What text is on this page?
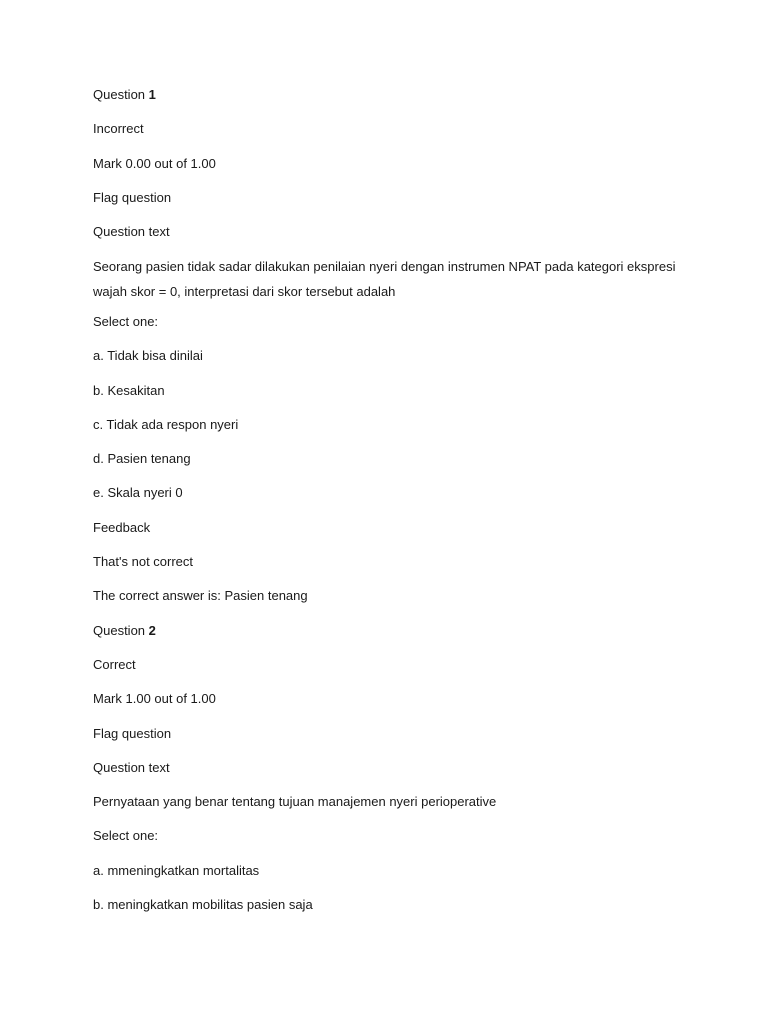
Question 1
Incorrect
Mark 0.00 out of 1.00
Flag question
Question text
Seorang pasien tidak sadar dilakukan penilaian nyeri dengan instrumen NPAT pada kategori ekspresi wajah skor = 0, interpretasi dari skor tersebut adalah
Select one:
a. Tidak bisa dinilai
b. Kesakitan
c. Tidak ada respon nyeri
d. Pasien tenang
e. Skala nyeri 0
Feedback
That's not correct
The correct answer is: Pasien tenang
Question 2
Correct
Mark 1.00 out of 1.00
Flag question
Question text
Pernyataan yang benar tentang tujuan manajemen nyeri perioperative
Select one:
a. mmeningkatkan mortalitas
b. meningkatkan mobilitas pasien saja
